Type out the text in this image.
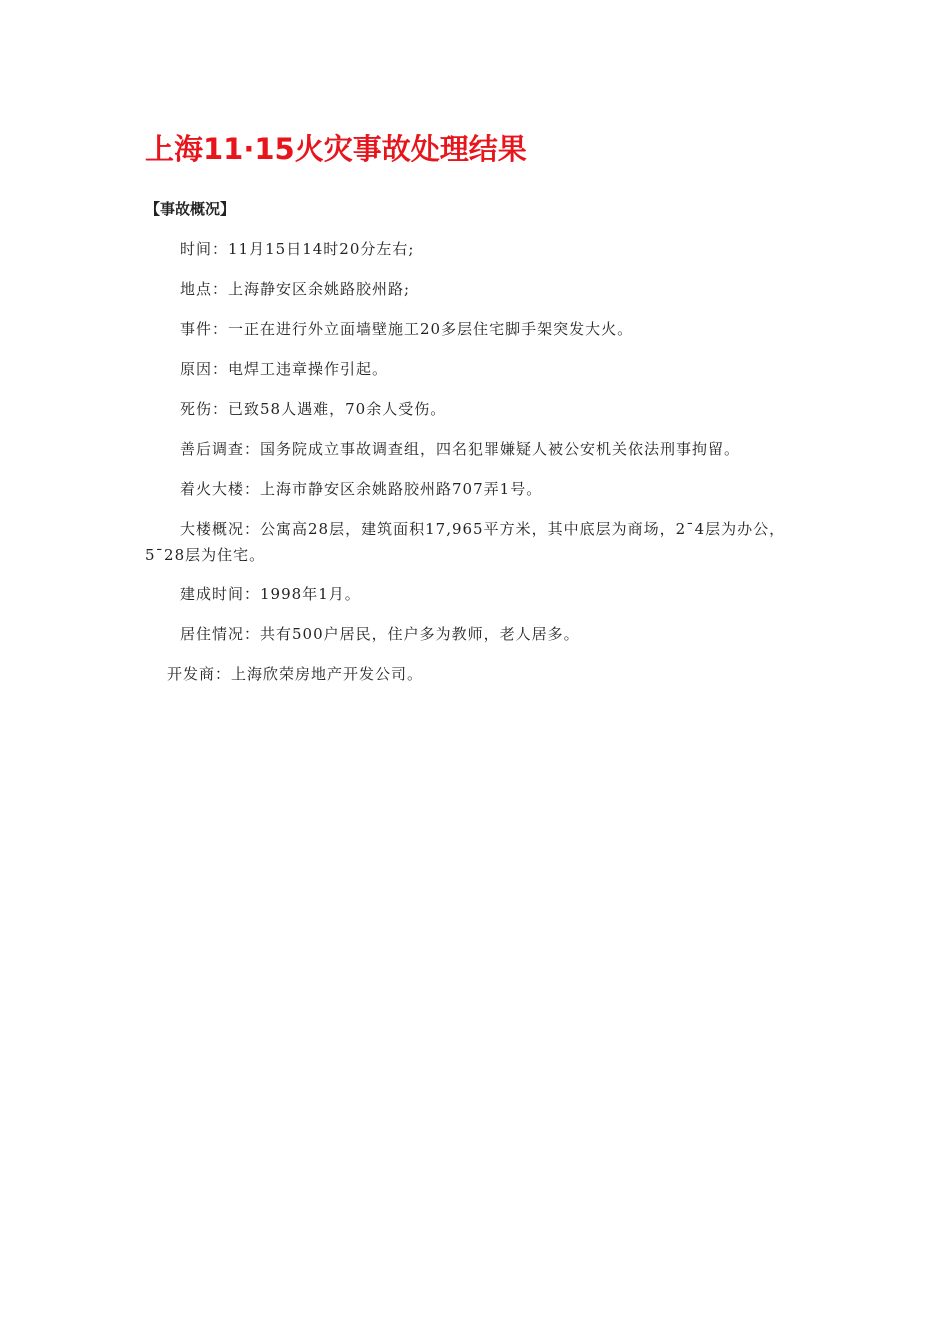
上海11·15火灾事故处理结果
【事故概况】

时间：11月15日14时20分左右;

地点：上海静安区余姚路胶州路;

事件：一正在进行外立面墙壁施工20多层住宅脚手架突发大火。

原因：电焊工违章操作引起。

死伤：已致58人遇难，70余人受伤。

善后调查：国务院成立事故调查组，四名犯罪嫌疑人被公安机关依法刑事拘留。

着火大楼：上海市静安区余姚路胶州路707弄1号。

大楼概况：公寓高28层，建筑面积17,965平方米，其中底层为商场，2¯4层为办公，

5¯28层为住宅。

建成时间：1998年1月。

居住情况：共有500户居民，住户多为教师，老人居多。

开发商：上海欣荣房地产开发公司。
